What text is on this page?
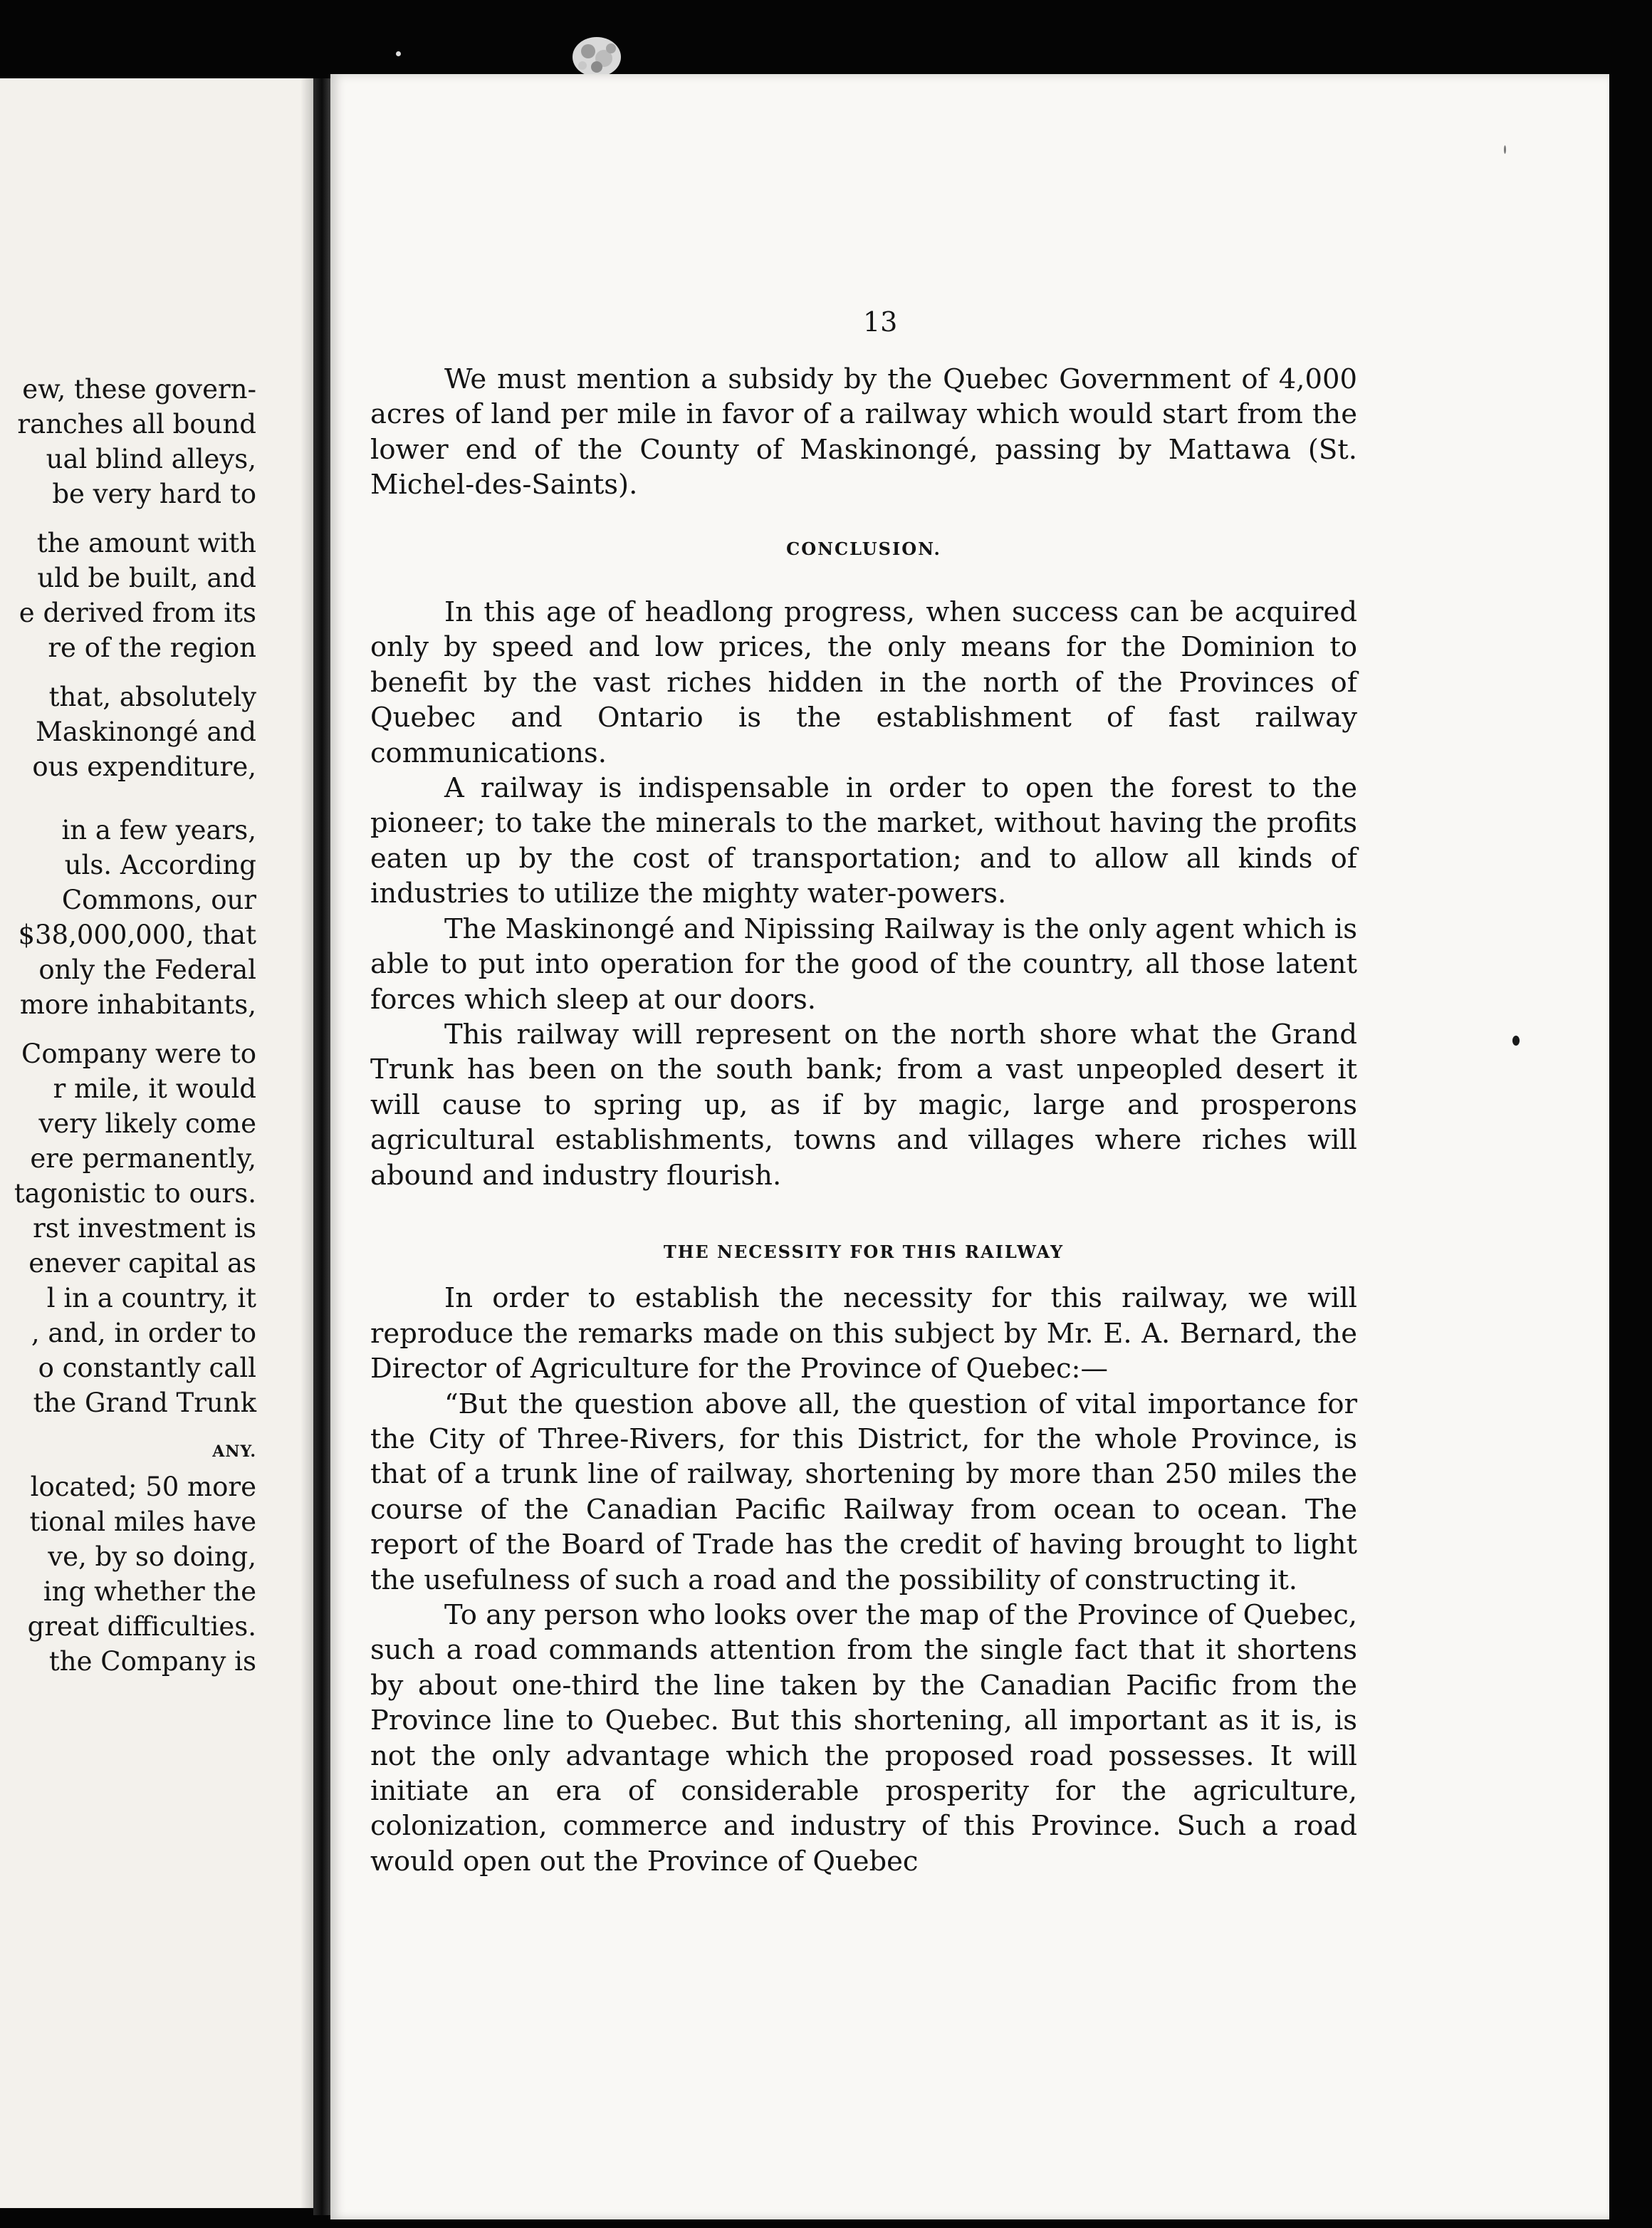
ew, these govern-
ranches all bound
ual blind alleys,
be very hard to
the amount with
uld be built, and
e derived from its
re of the region
that, absolutely
Maskinongé and
ous expenditure,
in a few years,
uls. According
Commons, our
$38,000,000, that
only the Federal
more inhabitants,
Company were to
r mile, it would
very likely come
ere permanently,
tagonistic to ours.
rst investment is
enever capital as
l in a country, it
, and, in order to
o constantly call
the Grand Trunk
ANY.
located; 50 more
tional miles have
ve, by so doing,
ing whether the
great difficulties.
the Company is
13

We must mention a subsidy by the Quebec Government of 4,000 acres of land per mile in favor of a railway which would start from the lower end of the County of Maskinongé, passing by Mattawa (St. Michel-des-Saints).

CONCLUSION.

In this age of headlong progress, when success can be acquired only by speed and low prices, the only means for the Dominion to benefit by the vast riches hidden in the north of the Provinces of Quebec and Ontario is the establishment of fast railway communications.

A railway is indispensable in order to open the forest to the pioneer; to take the minerals to the market, without having the profits eaten up by the cost of transportation; and to allow all kinds of industries to utilize the mighty water-powers.

The Maskinongé and Nipissing Railway is the only agent which is able to put into operation for the good of the country, all those latent forces which sleep at our doors.

This railway will represent on the north shore what the Grand Trunk has been on the south bank; from a vast unpeopled desert it will cause to spring up, as if by magic, large and prosperons agricultural establishments, towns and villages where riches will abound and industry flourish.

THE NECESSITY FOR THIS RAILWAY

In order to establish the necessity for this railway, we will reproduce the remarks made on this subject by Mr. E. A. Bernard, the Director of Agriculture for the Province of Quebec:—

“But the question above all, the question of vital importance for the City of Three-Rivers, for this District, for the whole Province, is that of a trunk line of railway, shortening by more than 250 miles the course of the Canadian Pacific Railway from ocean to ocean. The report of the Board of Trade has the credit of having brought to light the usefulness of such a road and the possibility of constructing it.

To any person who looks over the map of the Province of Quebec, such a road commands attention from the single fact that it shortens by about one-third the line taken by the Canadian Pacific from the Province line to Quebec. But this shortening, all important as it is, is not the only advantage which the proposed road possesses. It will initiate an era of considerable prosperity for the agriculture, colonization, commerce and industry of this Province. Such a road would open out the Province of Quebec
